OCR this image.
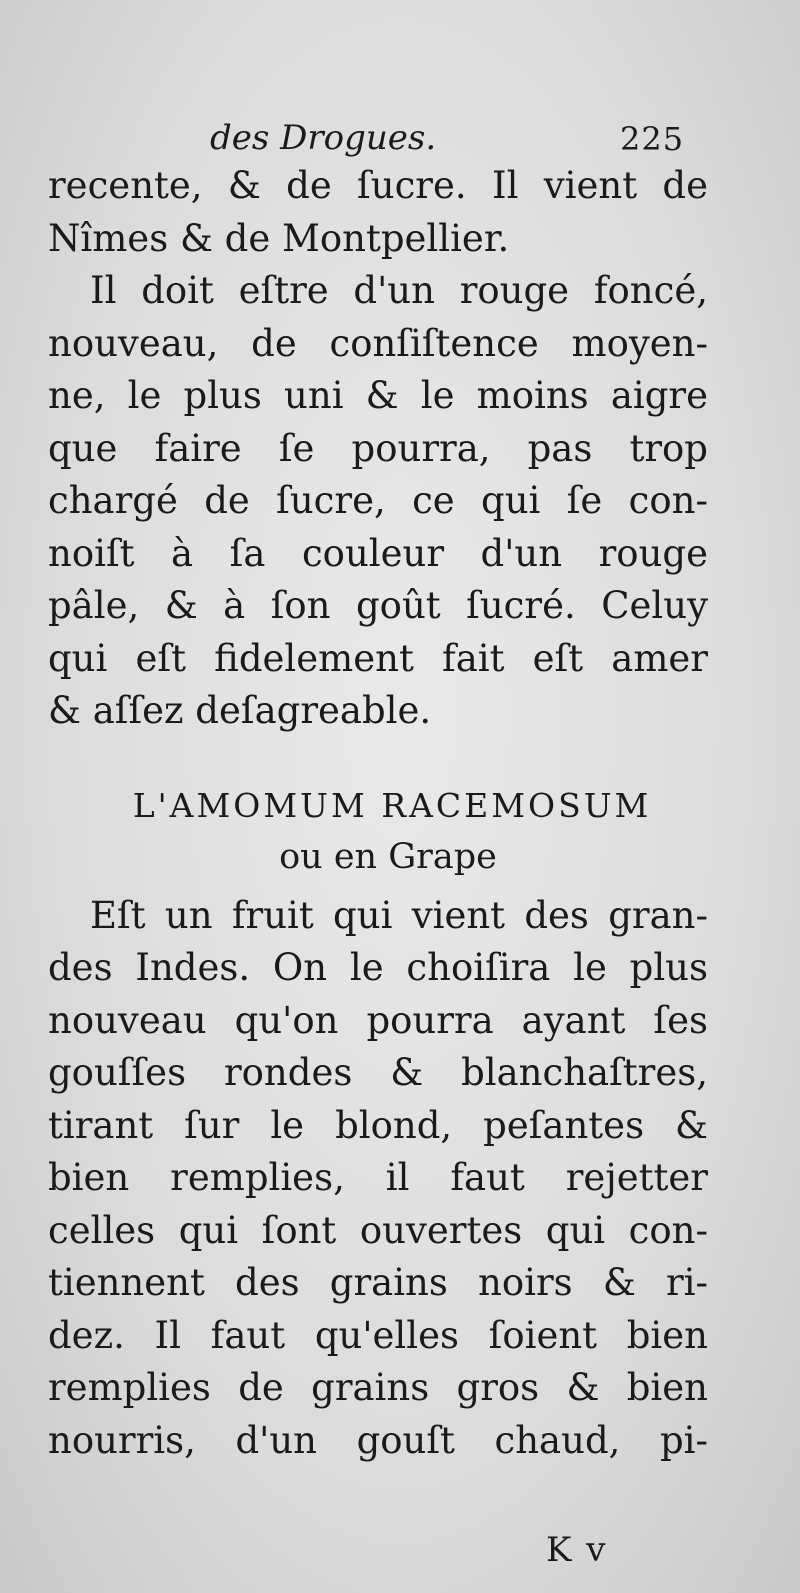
des Drogues.	225
recente, & de ſucre. Il vient de
Nîmes & de Montpellier.
Il doit eſtre d'un rouge foncé,
nouveau, de conſiſtence moyen-
ne, le plus uni & le moins aigre
que faire ſe pourra, pas trop
chargé de ſucre, ce qui ſe con-
noiſt à ſa couleur d'un rouge
pâle, & à ſon goût ſucré. Celuy
qui eſt fidelement fait eſt amer
& aſſez deſagreable.
L'AMOMUM RACEMOSUM
ou en Grape
Eſt un fruit qui vient des gran-
des Indes. On le choiſira le plus
nouveau qu'on pourra ayant ſes
gouſſes rondes & blanchaſtres,
tirant ſur le blond, peſantes &
bien remplies, il faut rejetter
celles qui ſont ouvertes qui con-
tiennent des grains noirs & ri-
dez. Il faut qu'elles ſoient bien
remplies de grains gros & bien
nourris, d'un gouſt chaud, pi-
K v
